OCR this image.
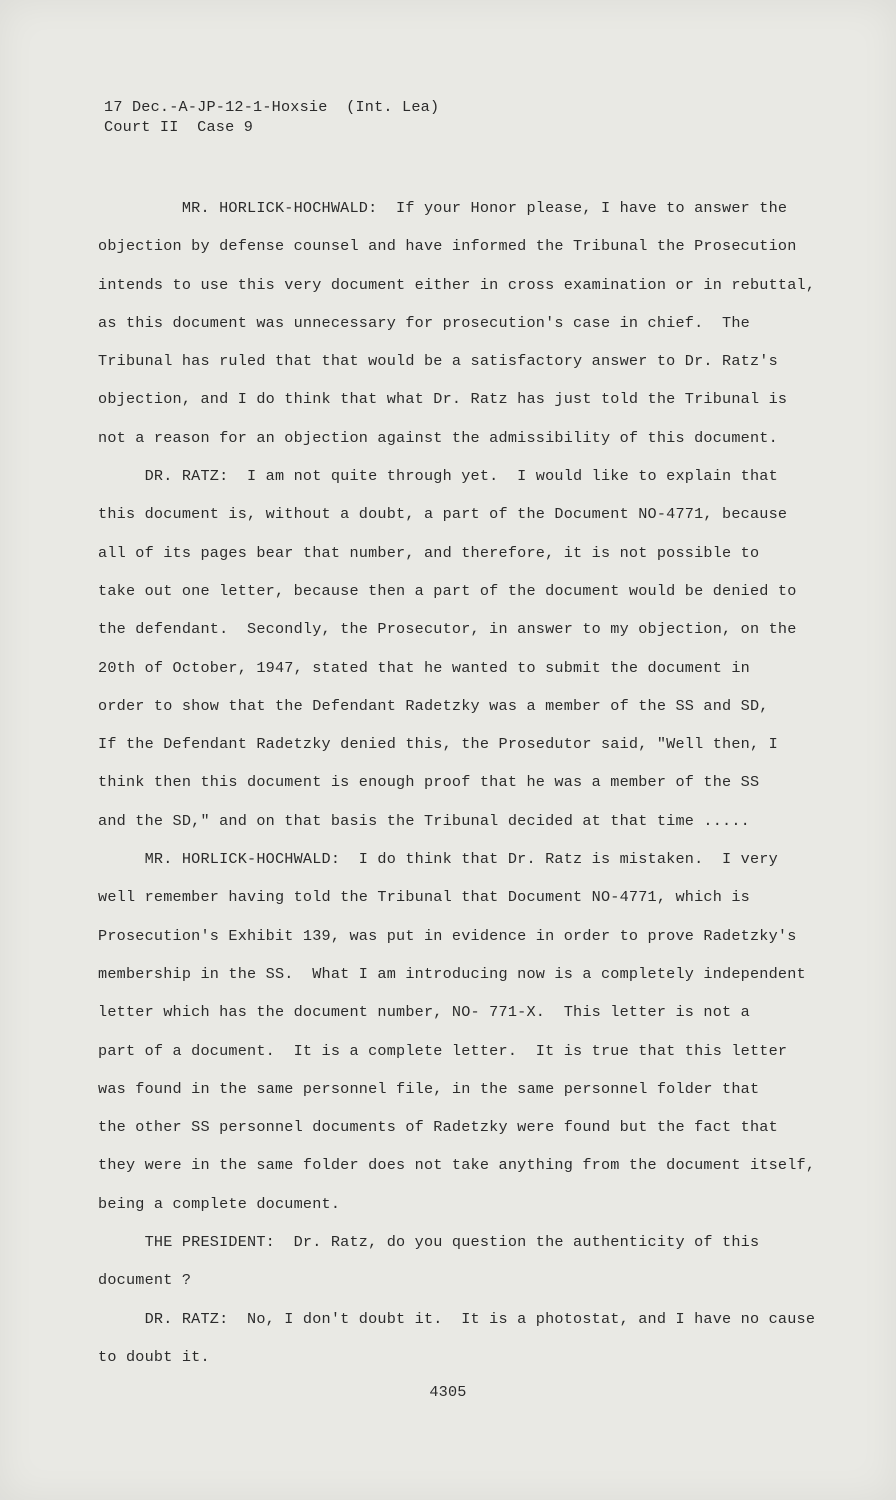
17 Dec.-A-JP-12-1-Hoxsie  (Int. Lea)
Court II  Case 9
MR. HORLICK-HOCHWALD:  If your Honor please, I have to answer the
objection by defense counsel and have informed the Tribunal the Prosecution
intends to use this very document either in cross examination or in rebuttal,
as this document was unnecessary for prosecution's case in chief.  The
Tribunal has ruled that that would be a satisfactory answer to Dr. Ratz's
objection, and I do think that what Dr. Ratz has just told the Tribunal is
not a reason for an objection against the admissibility of this document.
DR. RATZ:  I am not quite through yet.  I would like to explain that
this document is, without a doubt, a part of the Document NO-4771, because
all of its pages bear that number, and therefore, it is not possible to
take out one letter, because then a part of the document would be denied to
the defendant.  Secondly, the Prosecutor, in answer to my objection, on the
20th of October, 1947, stated that he wanted to submit the document in
order to show that the Defendant Radetzky was a member of the SS and SD,
If the Defendant Radetzky denied this, the Prosedutor said, "Well then, I
think then this document is enough proof that he was a member of the SS
and the SD," and on that basis the Tribunal decided at that time .....
MR. HORLICK-HOCHWALD:  I do think that Dr. Ratz is mistaken.  I very
well remember having told the Tribunal that Document NO-4771, which is
Prosecution's Exhibit 139, was put in evidence in order to prove Radetzky's
membership in the SS.  What I am introducing now is a completely independent
letter which has the document number, NO- 771-X.  This letter is not a
part of a document.  It is a complete letter.  It is true that this letter
was found in the same personnel file, in the same personnel folder that
the other SS personnel documents of Radetzky were found but the fact that
they were in the same folder does not take anything from the document itself,
being a complete document.
THE PRESIDENT:  Dr. Ratz, do you question the authenticity of this
document ?
DR. RATZ:  No, I don't doubt it.  It is a photostat, and I have no cause
to doubt it.
4305
